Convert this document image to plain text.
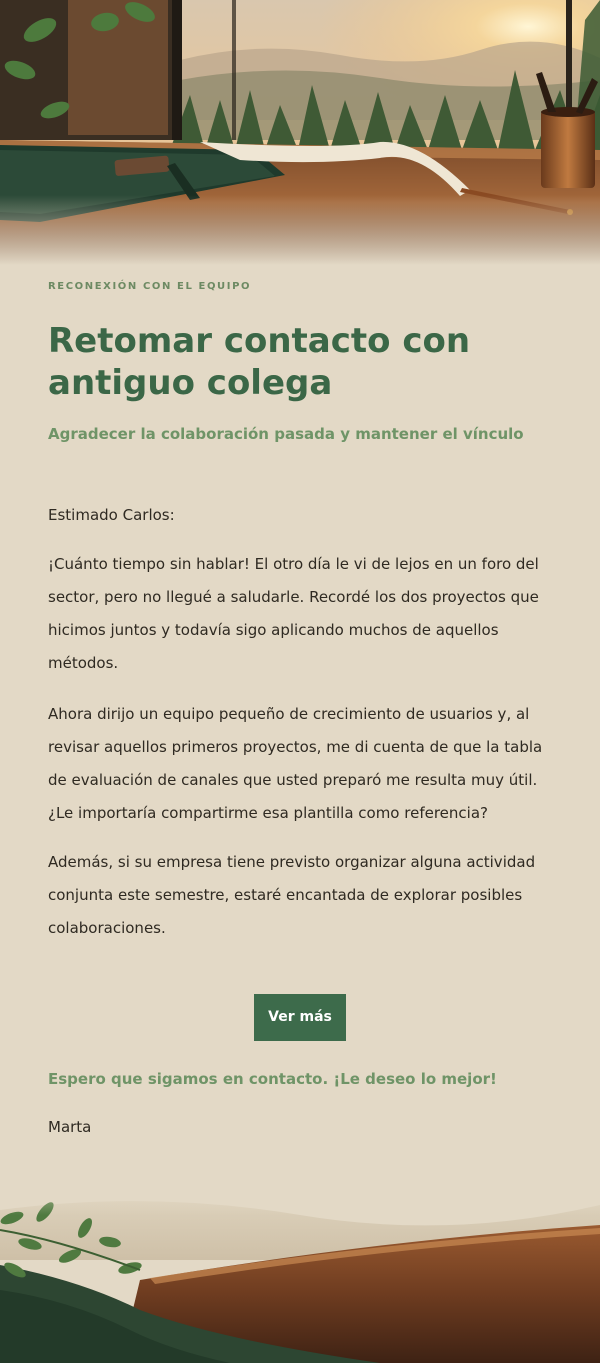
RECONEXIÓN CON EL EQUIPO
Retomar contacto con antiguo colega
Agradecer la colaboración pasada y mantener el vínculo

Estimado Carlos:

¡Cuánto tiempo sin hablar! El otro día le vi de lejos en un foro del sector, pero no llegué a saludarle. Recordé los dos proyectos que hicimos juntos y todavía sigo aplicando muchos de aquellos métodos.

Ahora dirijo un equipo pequeño de crecimiento de usuarios y, al revisar aquellos primeros proyectos, me di cuenta de que la tabla de evaluación de canales que usted preparó me resulta muy útil. ¿Le importaría compartirme esa plantilla como referencia?

Además, si su empresa tiene previsto organizar alguna actividad conjunta este semestre, estaré encantada de explorar posibles colaboraciones.

Ver más

Espero que sigamos en contacto. ¡Le deseo lo mejor!

Marta
